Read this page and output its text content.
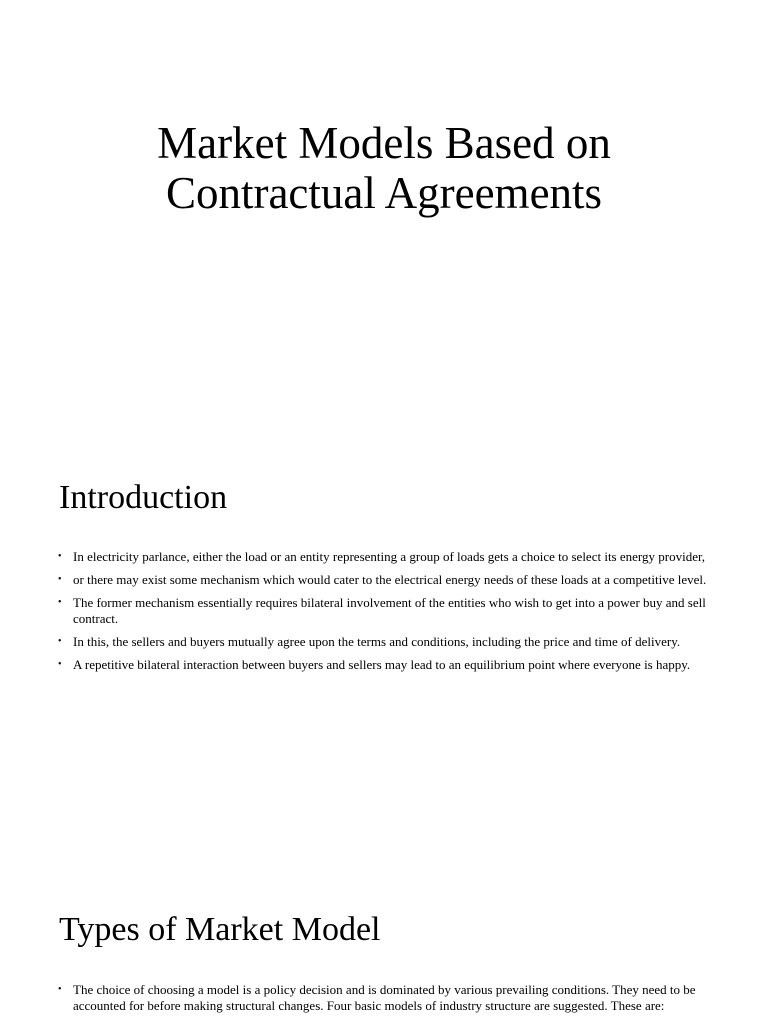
Market Models Based on
Contractual Agreements
Introduction
• In electricity parlance, either the load or an entity representing a group of loads gets a choice to select its energy provider,
• or there may exist some mechanism which would cater to the electrical energy needs of these loads at a competitive level.
• The former mechanism essentially requires bilateral involvement of the entities who wish to get into a power buy and sell contract.
• In this, the sellers and buyers mutually agree upon the terms and conditions, including the price and time of delivery.
• A repetitive bilateral interaction between buyers and sellers may lead to an equilibrium point where everyone is happy.
Types of Market Model
• The choice of choosing a model is a policy decision and is dominated by various prevailing conditions. They need to be accounted for before making structural changes. Four basic models of industry structure are suggested. These are:
